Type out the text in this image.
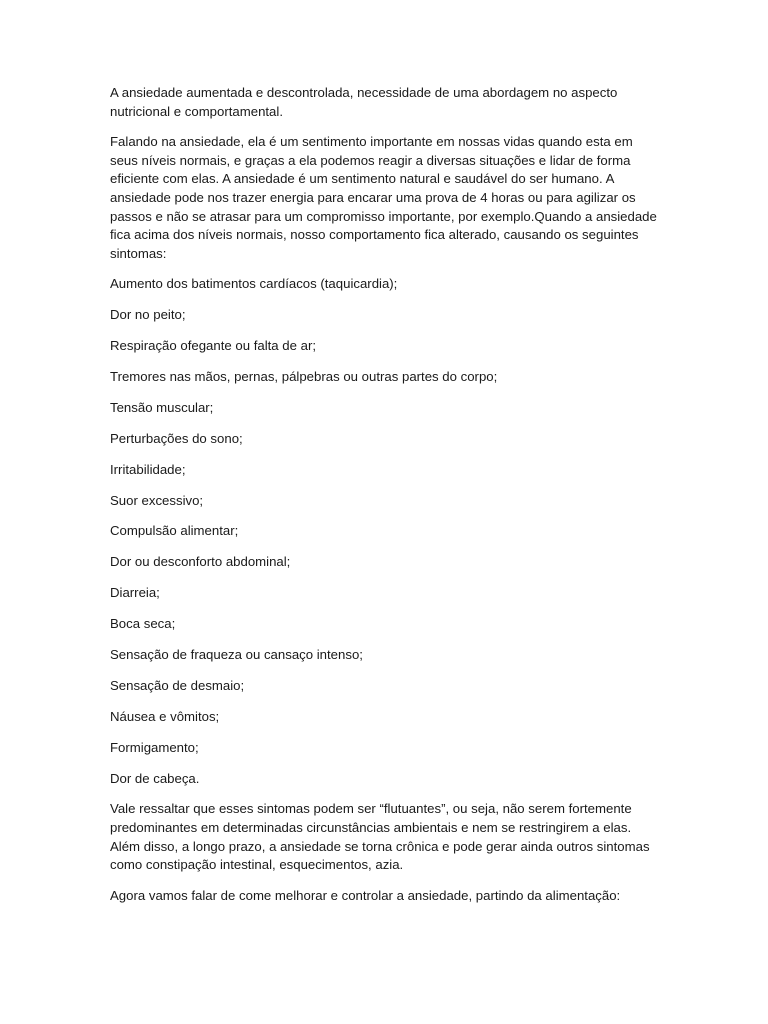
A ansiedade aumentada e descontrolada, necessidade de uma abordagem no aspecto nutricional e comportamental.

Falando na ansiedade, ela é um sentimento importante em nossas vidas quando esta em seus níveis normais, e graças a ela podemos reagir a diversas situações e lidar de forma eficiente com elas. A ansiedade é um sentimento natural e saudável do ser humano. A ansiedade pode nos trazer energia para encarar uma prova de 4 horas ou para agilizar os passos e não se atrasar para um compromisso importante, por exemplo.Quando a ansiedade fica acima dos níveis normais, nosso comportamento fica alterado, causando os seguintes sintomas:

Aumento dos batimentos cardíacos (taquicardia);
Dor no peito;
Respiração ofegante ou falta de ar;
Tremores nas mãos, pernas, pálpebras ou outras partes do corpo;
Tensão muscular;
Perturbações do sono;
Irritabilidade;
Suor excessivo;
Compulsão alimentar;
Dor ou desconforto abdominal;
Diarreia;
Boca seca;
Sensação de fraqueza ou cansaço intenso;
Sensação de desmaio;
Náusea e vômitos;
Formigamento;
Dor de cabeça.

Vale ressaltar que esses sintomas podem ser “flutuantes”, ou seja, não serem fortemente predominantes em determinadas circunstâncias ambientais e nem se restringirem a elas. Além disso, a longo prazo, a ansiedade se torna crônica e pode gerar ainda outros sintomas como constipação intestinal, esquecimentos, azia.

Agora vamos falar de come melhorar e controlar a ansiedade, partindo da alimentação:
